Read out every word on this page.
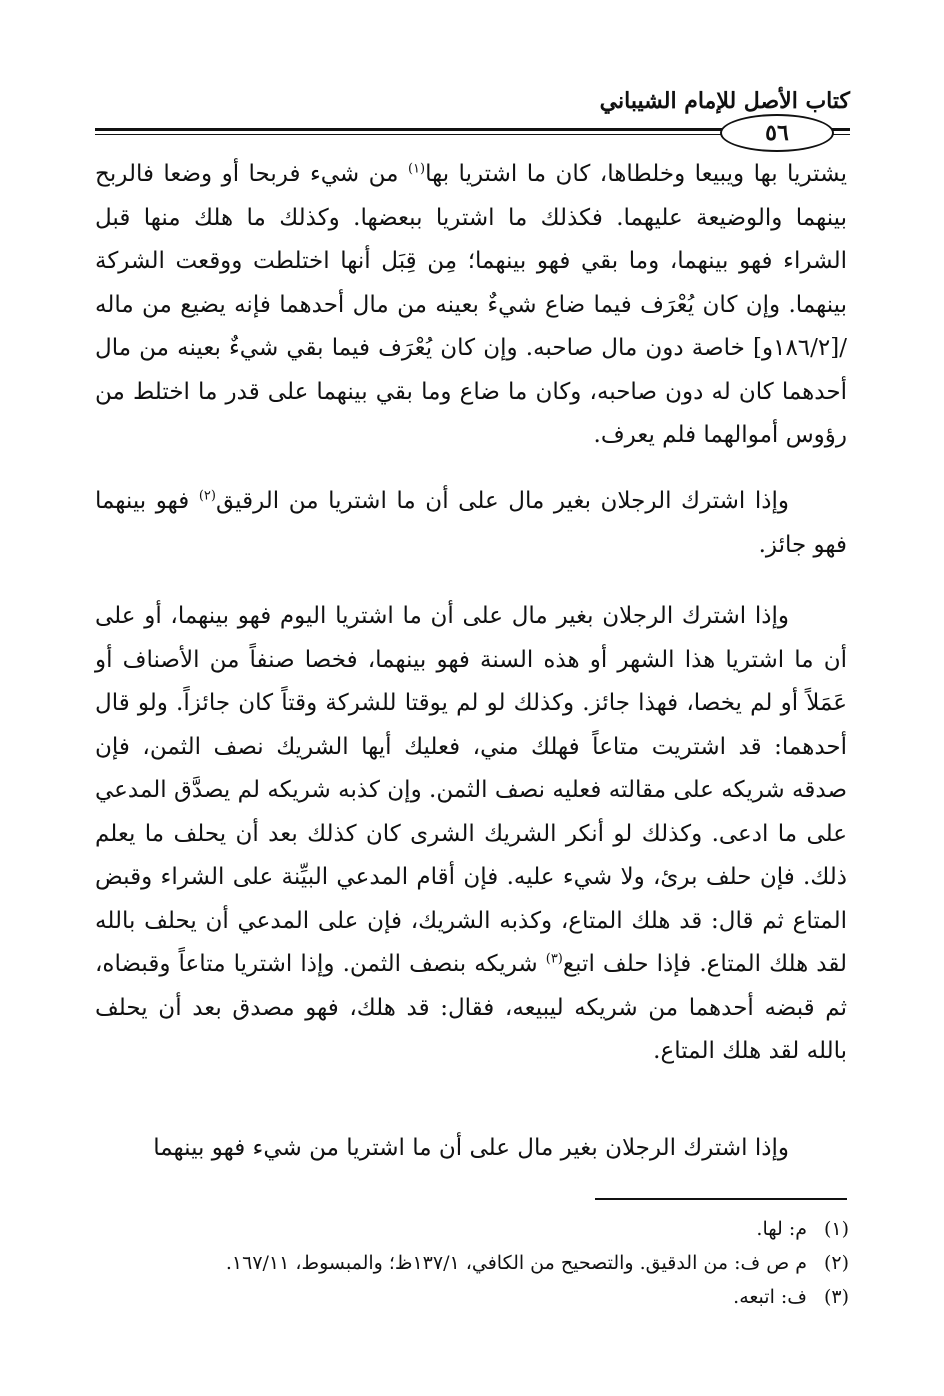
كتاب الأصل للإمام الشيباني
٥٦

يشتريا بها ويبيعا وخلطاها، كان ما اشتريا بها$^{(١)}$ من شيء فربحا أو وضعا فالربح بينهما والوضيعة عليهما. فكذلك ما اشتريا ببعضها. وكذلك ما هلك منها قبل الشراء فهو بينهما، وما بقي فهو بينهما؛ مِن قِبَل أنها اختلطت ووقعت الشركة بينهما. وإن كان يُعْرَف فيما ضاع شيءٌ بعينه من مال أحدهما فإنه يضيع من ماله /[١٨٦/٢و] خاصة دون مال صاحبه. وإن كان يُعْرَف فيما بقي شيءٌ بعينه من مال أحدهما كان له دون صاحبه، وكان ما ضاع وما بقي بينهما على قدر ما اختلط من رؤوس أموالهما فلم يعرف.

وإذا اشترك الرجلان بغير مال على أن ما اشتريا من الرقيق$^{(٢)}$ فهو بينهما فهو جائز.

وإذا اشترك الرجلان بغير مال على أن ما اشتريا اليوم فهو بينهما، أو على أن ما اشتريا هذا الشهر أو هذه السنة فهو بينهما، فخصا صنفاً من الأصناف أو عَمَلاً أو لم يخصا، فهذا جائز. وكذلك لو لم يوقتا للشركة وقتاً كان جائزاً. ولو قال أحدهما: قد اشتريت متاعاً فهلك مني، فعليك أيها الشريك نصف الثمن، فإن صدقه شريكه على مقالته فعليه نصف الثمن. وإن كذبه شريكه لم يصدَّق المدعي على ما ادعى. وكذلك لو أنكر الشريك الشرى كان كذلك بعد أن يحلف ما يعلم ذلك. فإن حلف برئ، ولا شيء عليه. فإن أقام المدعي البيِّنة على الشراء وقبض المتاع ثم قال: قد هلك المتاع، وكذبه الشريك، فإن على المدعي أن يحلف بالله لقد هلك المتاع. فإذا حلف اتبع$^{(٣)}$ شريكه بنصف الثمن. وإذا اشتريا متاعاً وقبضاه، ثم قبضه أحدهما من شريكه ليبيعه، فقال: قد هلك، فهو مصدق بعد أن يحلف بالله لقد هلك المتاع.

وإذا اشترك الرجلان بغير مال على أن ما اشتريا من شيء فهو بينهما

(١)م: لها.
(٢)م ص ف: من الدقيق. والتصحيح من الكافي، ١٣٧/١ظ؛ والمبسوط، ١٦٧/١١.
(٣)ف: اتبعه.
